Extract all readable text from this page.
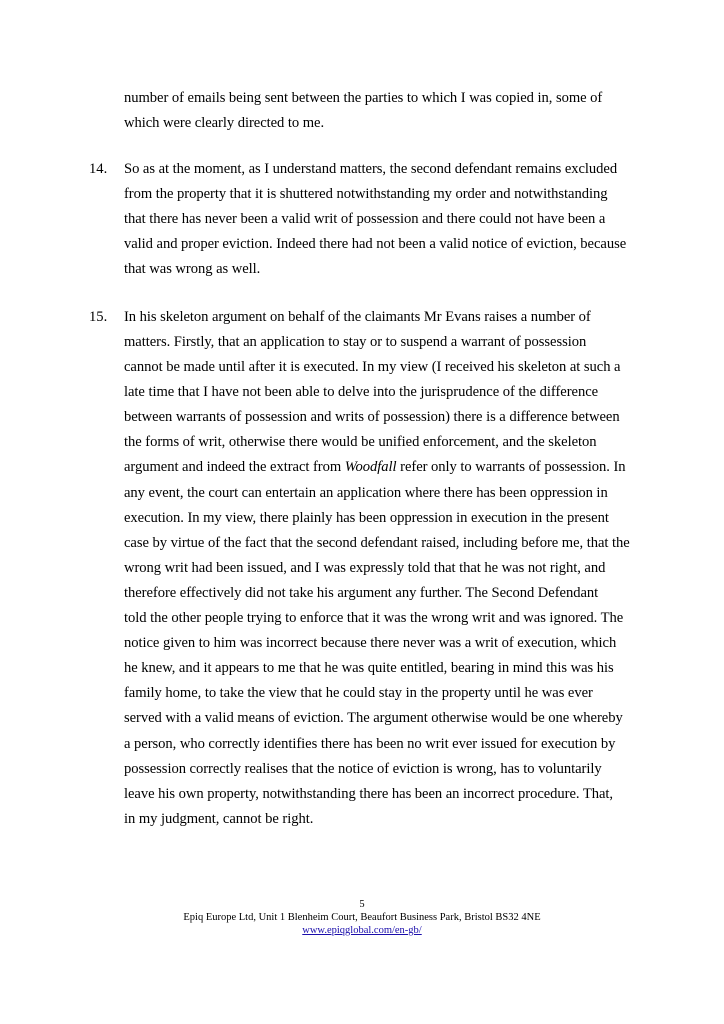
number of emails being sent between the parties to which I was copied in, some of
which were clearly directed to me.
14. So as at the moment, as I understand matters, the second defendant remains excluded
from the property that it is shuttered notwithstanding my order and notwithstanding
that there has never been a valid writ of possession and there could not have been a
valid and proper eviction. Indeed there had not been a valid notice of eviction, because
that was wrong as well.
15. In his skeleton argument on behalf of the claimants Mr Evans raises a number of
matters. Firstly, that an application to stay or to suspend a warrant of possession
cannot be made until after it is executed. In my view (I received his skeleton at such a
late time that I have not been able to delve into the jurisprudence of the difference
between warrants of possession and writs of possession) there is a difference between
the forms of writ, otherwise there would be unified enforcement, and the skeleton
argument and indeed the extract from Woodfall refer only to warrants of possession. In
any event, the court can entertain an application where there has been oppression in
execution. In my view, there plainly has been oppression in execution in the present
case by virtue of the fact that the second defendant raised, including before me, that the
wrong writ had been issued, and I was expressly told that that he was not right, and
therefore effectively did not take his argument any further. The Second Defendant
told the other people trying to enforce that it was the wrong writ and was ignored. The
notice given to him was incorrect because there never was a writ of execution, which
he knew, and it appears to me that he was quite entitled, bearing in mind this was his
family home, to take the view that he could stay in the property until he was ever
served with a valid means of eviction. The argument otherwise would be one whereby
a person, who correctly identifies there has been no writ ever issued for execution by
possession correctly realises that the notice of eviction is wrong, has to voluntarily
leave his own property, notwithstanding there has been an incorrect procedure. That,
in my judgment, cannot be right.
5
Epiq Europe Ltd, Unit 1 Blenheim Court, Beaufort Business Park, Bristol BS32 4NE
www.epiqglobal.com/en-gb/
